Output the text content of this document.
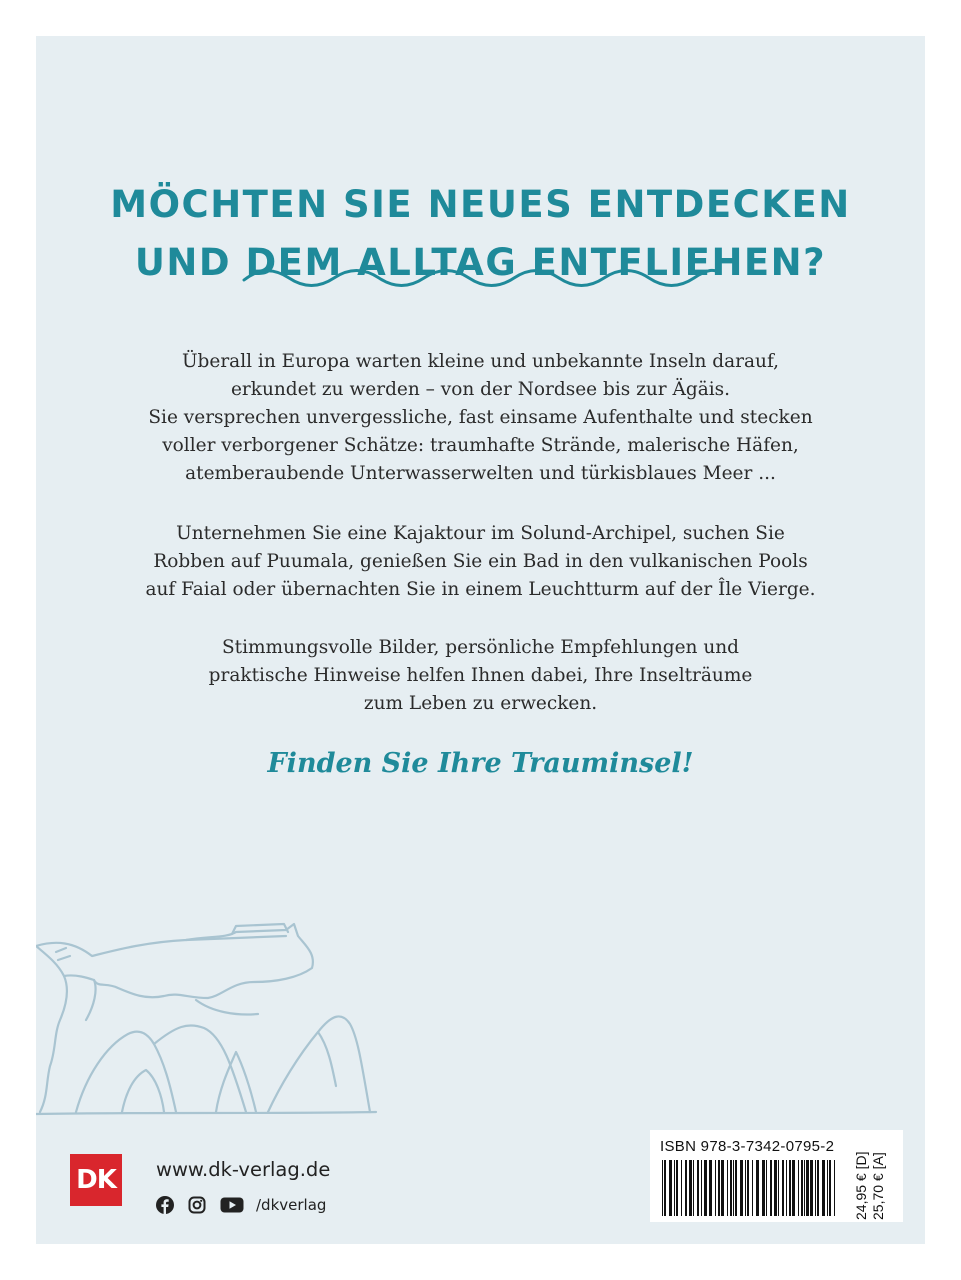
MÖCHTEN SIE NEUES ENTDECKEN
UND DEM ALLTAG ENTFLIEHEN?
Überall in Europa warten kleine und unbekannte Inseln darauf,
erkundet zu werden – von der Nordsee bis zur Ägäis.
Sie versprechen unvergessliche, fast einsame Aufenthalte und stecken
voller verborgener Schätze: traumhafte Strände, malerische Häfen,
atemberaubende Unterwasserwelten und türkisblaues Meer ...
Unternehmen Sie eine Kajaktour im Solund-Archipel, suchen Sie
Robben auf Puumala, genießen Sie ein Bad in den vulkanischen Pools
auf Faial oder übernachten Sie in einem Leuchtturm auf der Île Vierge.
Stimmungsvolle Bilder, persönliche Empfehlungen und
praktische Hinweise helfen Ihnen dabei, Ihre Inselträume
zum Leben zu erwecken.
Finden Sie Ihre Trauminsel!
DK	www.dk-verlag.de
/dkverlag
ISBN 978-3-7342-0795-2
24,95 € [D] 25,70 € [A]
